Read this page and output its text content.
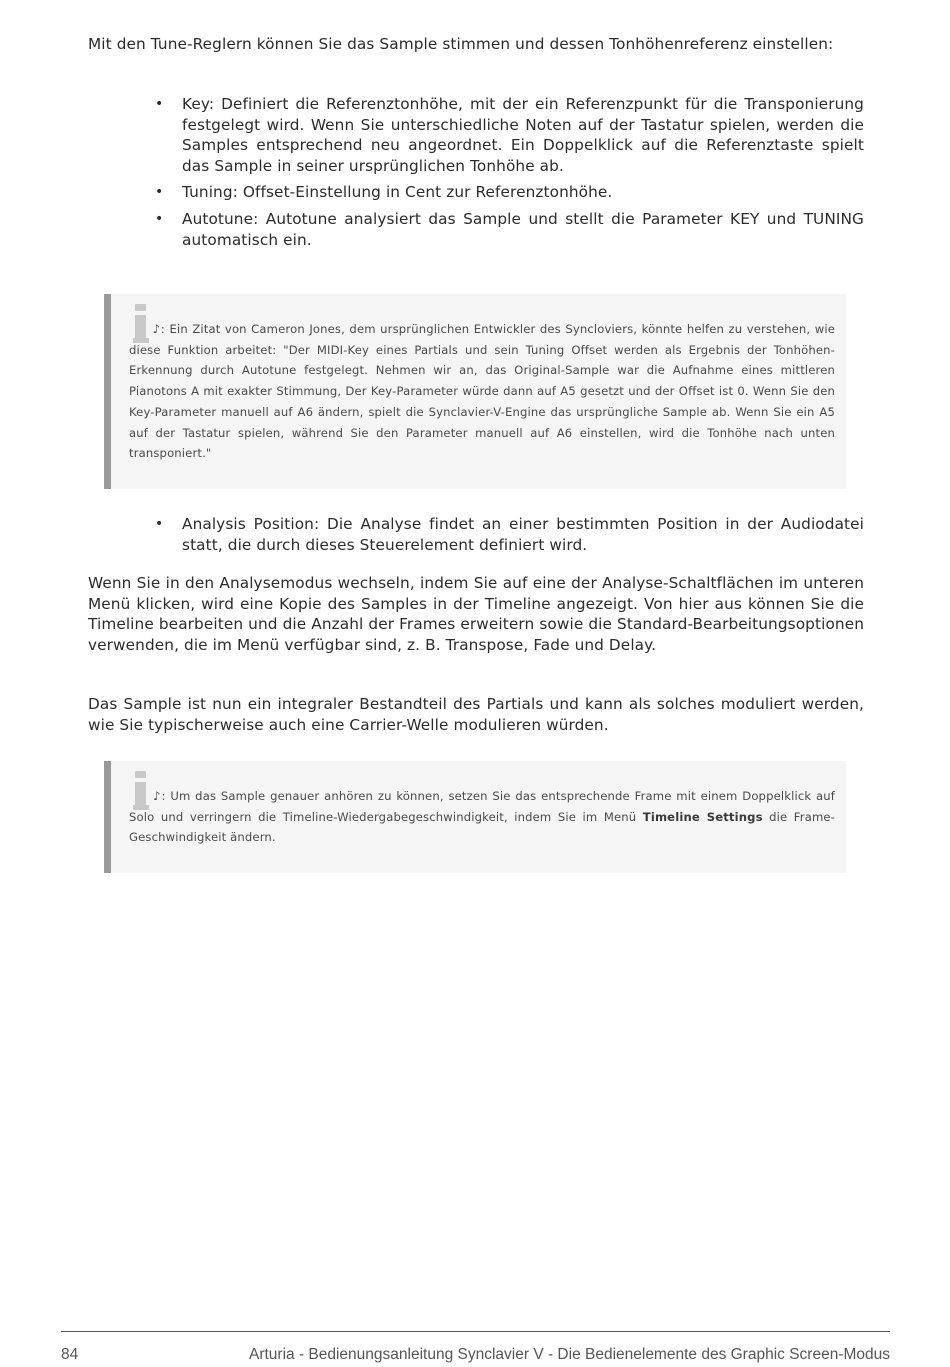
Mit den Tune-Reglern können Sie das Sample stimmen und dessen Tonhöhenreferenz einstellen:

• Key: Definiert die Referenztonhöhe, mit der ein Referenzpunkt für die Transponierung festgelegt wird. Wenn Sie unterschiedliche Noten auf der Tastatur spielen, werden die Samples entsprechend neu angeordnet. Ein Doppelklick auf die Referenztaste spielt das Sample in seiner ursprünglichen Tonhöhe ab.
• Tuning: Offset-Einstellung in Cent zur Referenztonhöhe.
• Autotune: Autotune analysiert das Sample und stellt die Parameter KEY und TUNING automatisch ein.

♪: Ein Zitat von Cameron Jones, dem ursprünglichen Entwickler des Syncloviers, könnte helfen zu verstehen, wie diese Funktion arbeitet: "Der MIDI-Key eines Partials und sein Tuning Offset werden als Ergebnis der Tonhöhen-Erkennung durch Autotune festgelegt. Nehmen wir an, das Original-Sample war die Aufnahme eines mittleren Pianotons A mit exakter Stimmung, Der Key-Parameter würde dann auf A5 gesetzt und der Offset ist 0. Wenn Sie den Key-Parameter manuell auf A6 ändern, spielt die Synclavier-V-Engine das ursprüngliche Sample ab. Wenn Sie ein A5 auf der Tastatur spielen, während Sie den Parameter manuell auf A6 einstellen, wird die Tonhöhe nach unten transponiert."

• Analysis Position: Die Analyse findet an einer bestimmten Position in der Audiodatei statt, die durch dieses Steuerelement definiert wird.

Wenn Sie in den Analysemodus wechseln, indem Sie auf eine der Analyse-Schaltflächen im unteren Menü klicken, wird eine Kopie des Samples in der Timeline angezeigt. Von hier aus können Sie die Timeline bearbeiten und die Anzahl der Frames erweitern sowie die Standard-Bearbeitungsoptionen verwenden, die im Menü verfügbar sind, z. B. Transpose, Fade und Delay.

Das Sample ist nun ein integraler Bestandteil des Partials und kann als solches moduliert werden, wie Sie typischerweise auch eine Carrier-Welle modulieren würden.

♪: Um das Sample genauer anhören zu können, setzen Sie das entsprechende Frame mit einem Doppelklick auf Solo und verringern die Timeline-Wiedergabegeschwindigkeit, indem Sie im Menü Timeline Settings die Frame-Geschwindigkeit ändern.

84	Arturia - Bedienungsanleitung Synclavier V - Die Bedienelemente des Graphic Screen-Modus
